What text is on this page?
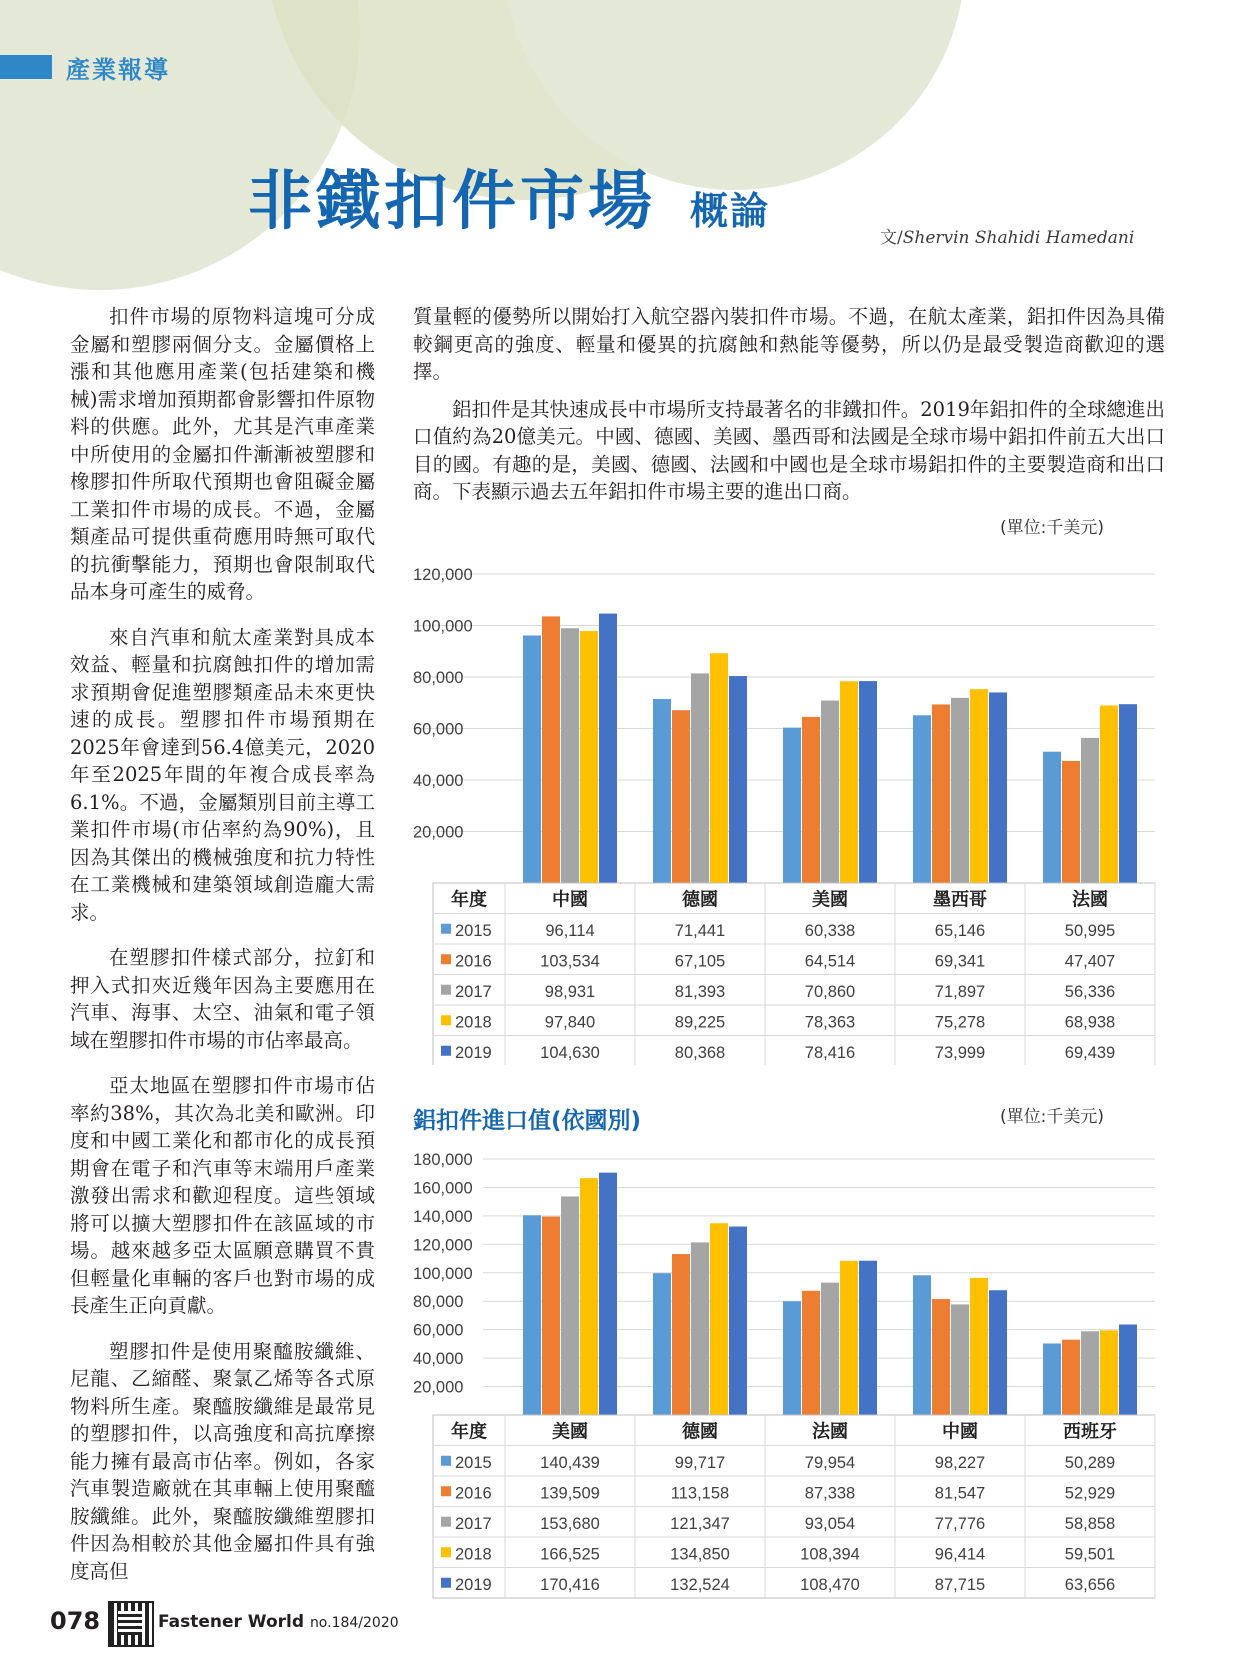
產業報導
非鐵扣件市場 概論
文/Shervin Shahidi Hamedani

扣件市場的原物料這塊可分成金屬和塑膠兩個分支。金屬價格上漲和其他應用產業(包括建築和機械)需求增加預期都會影響扣件原物料的供應。此外，尤其是汽車產業中所使用的金屬扣件漸漸被塑膠和橡膠扣件所取代預期也會阻礙金屬工業扣件市場的成長。不過，金屬類產品可提供重荷應用時無可取代的抗衝擊能力，預期也會限制取代品本身可產生的威脅。

來自汽車和航太產業對具成本效益、輕量和抗腐蝕扣件的增加需求預期會促進塑膠類產品未來更快速的成長。塑膠扣件市場預期在2025年會達到56.4億美元，2020年至2025年間的年複合成長率為6.1%。不過，金屬類別目前主導工業扣件市場(市佔率約為90%)，且因為其傑出的機械強度和抗力特性在工業機械和建築領域創造龐大需求。

在塑膠扣件樣式部分，拉釘和押入式扣夾近幾年因為主要應用在汽車、海事、太空、油氣和電子領域在塑膠扣件市場的市佔率最高。

亞太地區在塑膠扣件市場市佔率約38%，其次為北美和歐洲。印度和中國工業化和都市化的成長預期會在電子和汽車等末端用戶產業激發出需求和歡迎程度。這些領域將可以擴大塑膠扣件在該區域的市場。越來越多亞太區願意購買不貴但輕量化車輛的客戶也對市場的成長產生正向貢獻。

塑膠扣件是使用聚醯胺纖維、尼龍、乙縮醛、聚氯乙烯等各式原物料所生產。聚醯胺纖維是最常見的塑膠扣件，以高強度和高抗摩擦能力擁有最高市佔率。例如，各家汽車製造廠就在其車輛上使用聚醯胺纖維。此外，聚醯胺纖維塑膠扣件因為相較於其他金屬扣件具有強度高但

質量輕的優勢所以開始打入航空器內裝扣件市場。不過，在航太產業，鋁扣件因為具備較鋼更高的強度、輕量和優異的抗腐蝕和熱能等優勢，所以仍是最受製造商歡迎的選擇。

鋁扣件是其快速成長中市場所支持最著名的非鐵扣件。2019年鋁扣件的全球總進出口值約為20億美元。中國、德國、美國、墨西哥和法國是全球市場中鋁扣件前五大出口目的國。有趣的是，美國、德國、法國和中國也是全球市場鋁扣件的主要製造商和出口商。下表顯示過去五年鋁扣件市場主要的進出口商。

(單位:千美元)
20,000
40,000
60,000
80,000
100,000
120,000
年度	中國	德國	美國	墨西哥	法國
2015	96,114	71,441	60,338	65,146	50,995
2016	103,534	67,105	64,514	69,341	47,407
2017	98,931	81,393	70,860	71,897	56,336
2018	97,840	89,225	78,363	75,278	68,938
2019	104,630	80,368	78,416	73,999	69,439
鋁扣件進口值(依國別)	(單位:千美元)
20,000
40,000
60,000
80,000
100,000
120,000
140,000
160,000
180,000
年度	美國	德國	法國	中國	西班牙
2015	140,439	99,717	79,954	98,227	50,289
2016	139,509	113,158	87,338	81,547	52,929
2017	153,680	121,347	93,054	77,776	58,858
2018	166,525	134,850	108,394	96,414	59,501
2019	170,416	132,524	108,470	87,715	63,656
078	Fastener World no.184/2020
